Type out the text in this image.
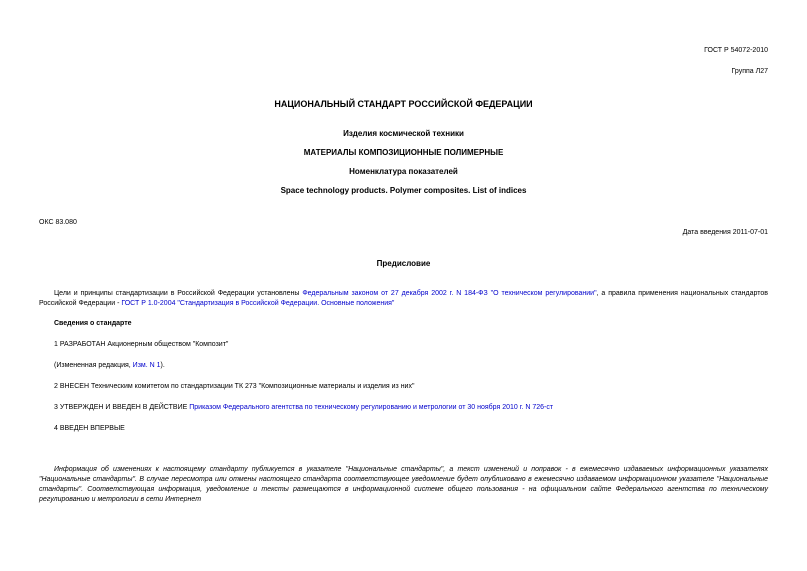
ГОСТ Р 54072-2010
Группа Л27
НАЦИОНАЛЬНЫЙ СТАНДАРТ РОССИЙСКОЙ ФЕДЕРАЦИИ
Изделия космической техники
МАТЕРИАЛЫ КОМПОЗИЦИОННЫЕ ПОЛИМЕРНЫЕ
Номенклатура показателей
Space technology products. Polymer composites. List of indices
ОКС 83.080
Дата введения 2011-07-01
Предисловие
Цели и принципы стандартизации в Российской Федерации установлены Федеральным законом от 27 декабря 2002 г. N 184-ФЗ "О техническом регулировании", а правила применения национальных стандартов Российской Федерации - ГОСТ Р 1.0-2004 "Стандартизация в Российской Федерации. Основные положения"
Сведения о стандарте
1 РАЗРАБОТАН Акционерным обществом "Композит"
(Измененная редакция, Изм. N 1).
2 ВНЕСЕН Техническим комитетом по стандартизации ТК 273 "Композиционные материалы и изделия из них"
3 УТВЕРЖДЕН И ВВЕДЕН В ДЕЙСТВИЕ Приказом Федерального агентства по техническому регулированию и метрологии от 30 ноября 2010 г. N 726-ст
4 ВВЕДЕН ВПЕРВЫЕ
Информация об изменениях к настоящему стандарту публикуется в указателе "Национальные стандарты", а текст изменений и поправок - в ежемесячно издаваемых информационных указателях "Национальные стандарты". В случае пересмотра или отмены настоящего стандарта соответствующее уведомление будет опубликовано в ежемесячно издаваемом информационном указателе "Национальные стандарты". Соответствующая информация, уведомление и тексты размещаются в информационной системе общего пользования - на официальном сайте Федерального агентства по техническому регулированию и метрологии в сети Интернет
